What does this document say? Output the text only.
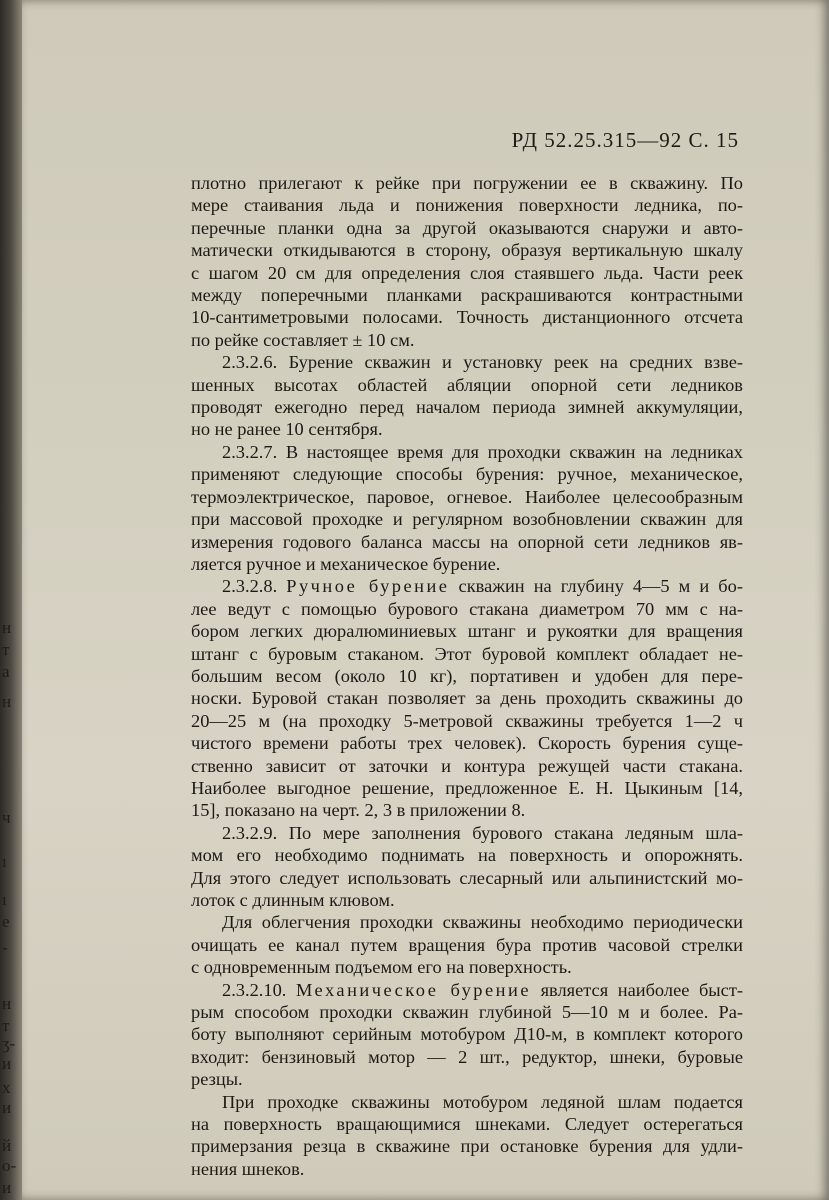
н
т
а
н
ч
ı
ı
е
-
н
т
ʒ-
и
х
и
й
о-
и
РД 52.25.315—92 С. 15

плотно прилегают к рейке при погружении ее в скважину. По
мере стаивания льда и понижения поверхности ледника, по-
перечные планки одна за другой оказываются снаружи и авто-
матически откидываются в сторону, образуя вертикальную шкалу
с шагом 20 см для определения слоя стаявшего льда. Части реек
между поперечными планками раскрашиваются контрастными
10-сантиметровыми полосами. Точность дистанционного отсчета
по рейке составляет ± 10 см.

2.3.2.6. Бурение скважин и установку реек на средних взве-
шенных высотах областей абляции опорной сети ледников
проводят ежегодно перед началом периода зимней аккумуляции,
но не ранее 10 сентября.

2.3.2.7. В настоящее время для проходки скважин на ледниках
применяют следующие способы бурения: ручное, механическое,
термоэлектрическое, паровое, огневое. Наиболее целесообразным
при массовой проходке и регулярном возобновлении скважин для
измерения годового баланса массы на опорной сети ледников яв-
ляется ручное и механическое бурение.

2.3.2.8. Ручное бурение скважин на глубину 4—5 м и бо-
лее ведут с помощью бурового стакана диаметром 70 мм с на-
бором легких дюралюминиевых штанг и рукоятки для вращения
штанг с буровым стаканом. Этот буровой комплект обладает не-
большим весом (около 10 кг), портативен и удобен для пере-
носки. Буровой стакан позволяет за день проходить скважины до
20—25 м (на проходку 5-метровой скважины требуется 1—2 ч
чистого времени работы трех человек). Скорость бурения суще-
ственно зависит от заточки и контура режущей части стакана.
Наиболее выгодное решение, предложенное Е. Н. Цыкиным [14,
15], показано на черт. 2, 3 в приложении 8.

2.3.2.9. По мере заполнения бурового стакана ледяным шла-
мом его необходимо поднимать на поверхность и опорожнять.
Для этого следует использовать слесарный или альпинистский мо-
лоток с длинным клювом.

Для облегчения проходки скважины необходимо периодически
очищать ее канал путем вращения бура против часовой стрелки
с одновременным подъемом его на поверхность.

2.3.2.10. Механическое бурение является наиболее быст-
рым способом проходки скважин глубиной 5—10 м и более. Ра-
боту выполняют серийным мотобуром Д10-м, в комплект которого
входит: бензиновый мотор — 2 шт., редуктор, шнеки, буровые
резцы.

При проходке скважины мотобуром ледяной шлам подается
на поверхность вращающимися шнеками. Следует остерегаться
примерзания резца в скважине при остановке бурения для удли-
нения шнеков.
